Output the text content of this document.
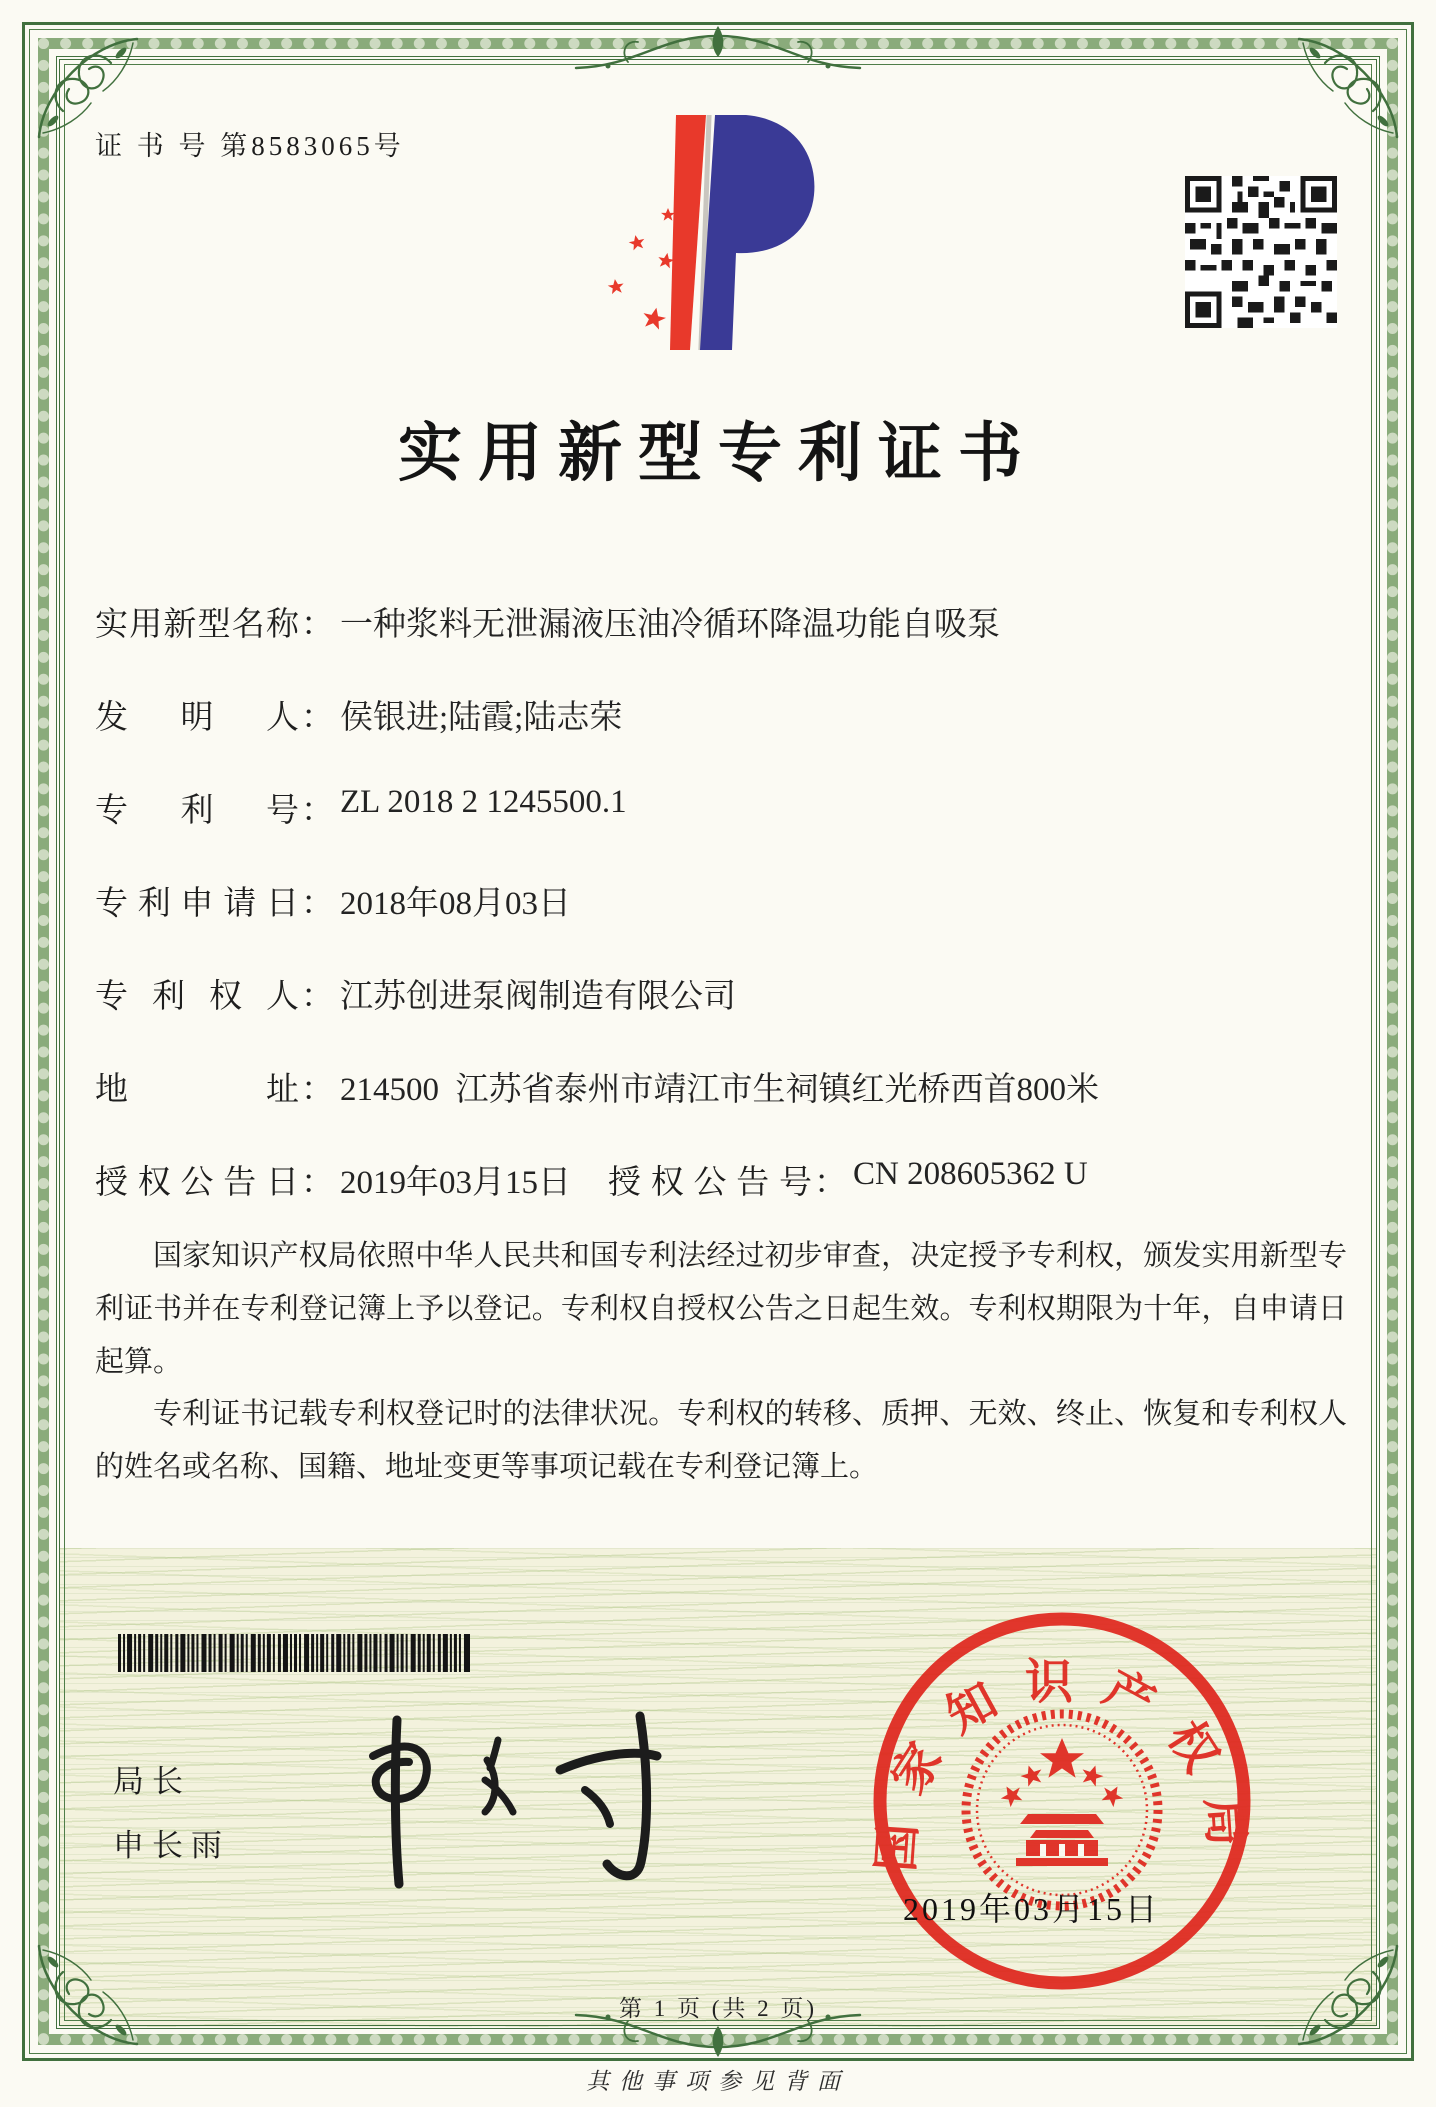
证 书 号 第8583065号
实用新型专利证书
实用新型名称 ： 一种浆料无泄漏液压油冷循环降温功能自吸泵
发明人 ： 侯银进;陆霞;陆志荣
专利号 ： ZL 2018 2 1245500.1
专利申请日 ： 2018年08月03日
专利权人 ： 江苏创进泵阀制造有限公司
地址 ： 214500  江苏省泰州市靖江市生祠镇红光桥西首800米
授权公告日 ： 2019年03月15日 授权公告号 ： CN 208605362 U

国家知识产权局依照中华人民共和国专利法经过初步审查，决定授予专利权，颁发实用新型专利证书并在专利登记簿上予以登记。专利权自授权公告之日起生效。专利权期限为十年，自申请日起算。

专利证书记载专利权登记时的法律状况。专利权的转移、质押、无效、终止、恢复和专利权人的姓名或名称、国籍、地址变更等事项记载在专利登记簿上。

局长
申长雨	国家知识产权局
2019年03月15日
第 1 页 (共 2 页)
其他事项参见背面
